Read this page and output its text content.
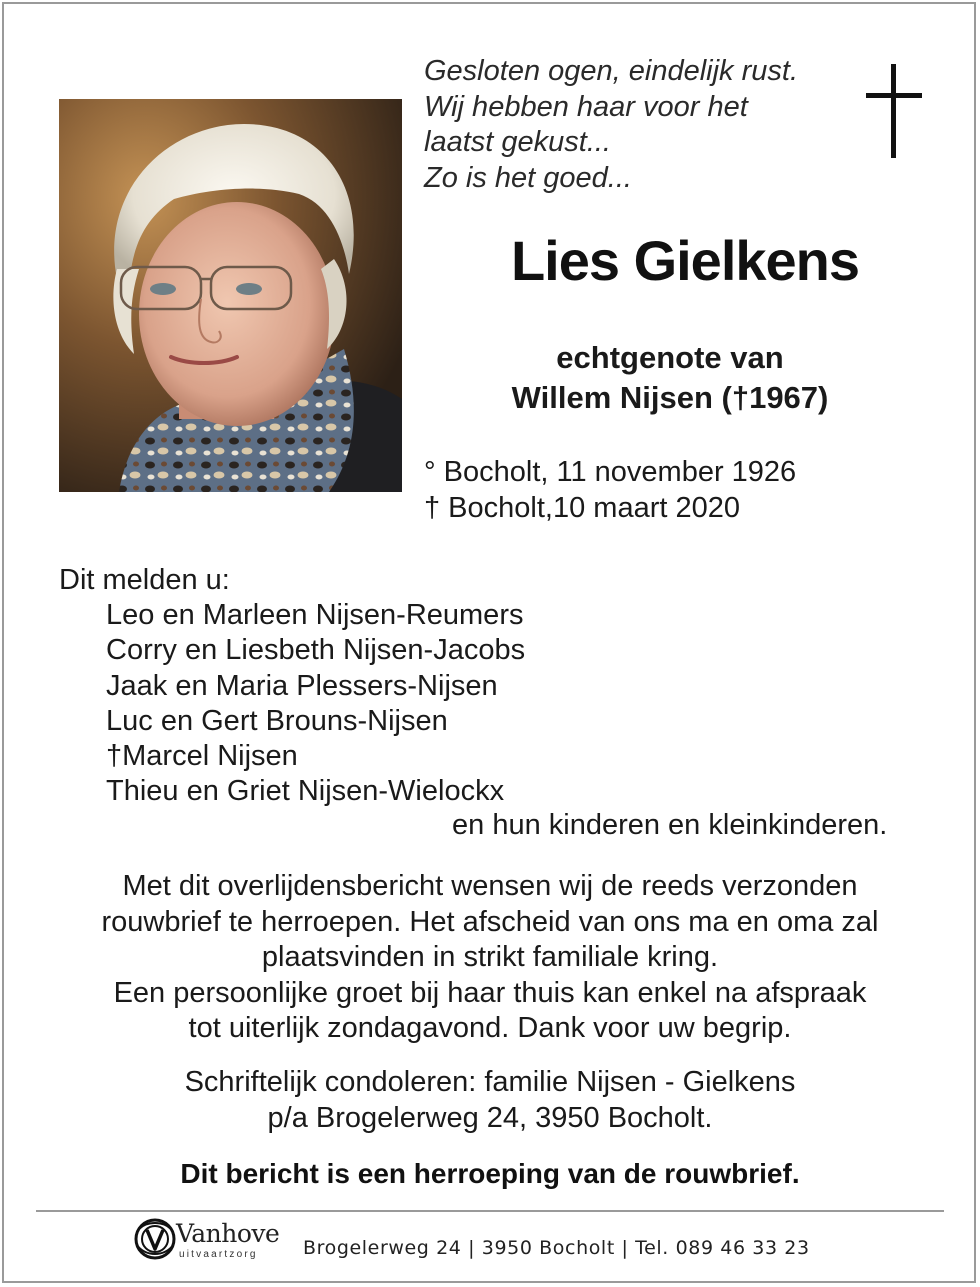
Gesloten ogen, eindelijk rust.
Wij hebben haar voor het
laatst gekust...
Zo is het goed...
Lies Gielkens
echtgenote van
Willem Nijsen (†1967)
° Bocholt, 11 november 1926
† Bocholt,10 maart 2020
Dit melden u:
Leo en Marleen Nijsen-Reumers
Corry en Liesbeth Nijsen-Jacobs
Jaak en Maria Plessers-Nijsen
Luc en Gert Brouns-Nijsen
†Marcel Nijsen
Thieu en Griet Nijsen-Wielockx
en hun kinderen en kleinkinderen.
Met dit overlijdensbericht wensen wij de reeds verzonden
rouwbrief te herroepen. Het afscheid van ons ma en oma zal
plaatsvinden in strikt familiale kring.
Een persoonlijke groet bij haar thuis kan enkel na afspraak
tot uiterlijk zondagavond. Dank voor uw begrip.
Schriftelijk condoleren: familie Nijsen - Gielkens
p/a Brogelerweg 24, 3950 Bocholt.
Dit bericht is een herroeping van de rouwbrief.
Vanhove
uitvaartzorg Brogelerweg 24 | 3950 Bocholt | Tel. 089 46 33 23
